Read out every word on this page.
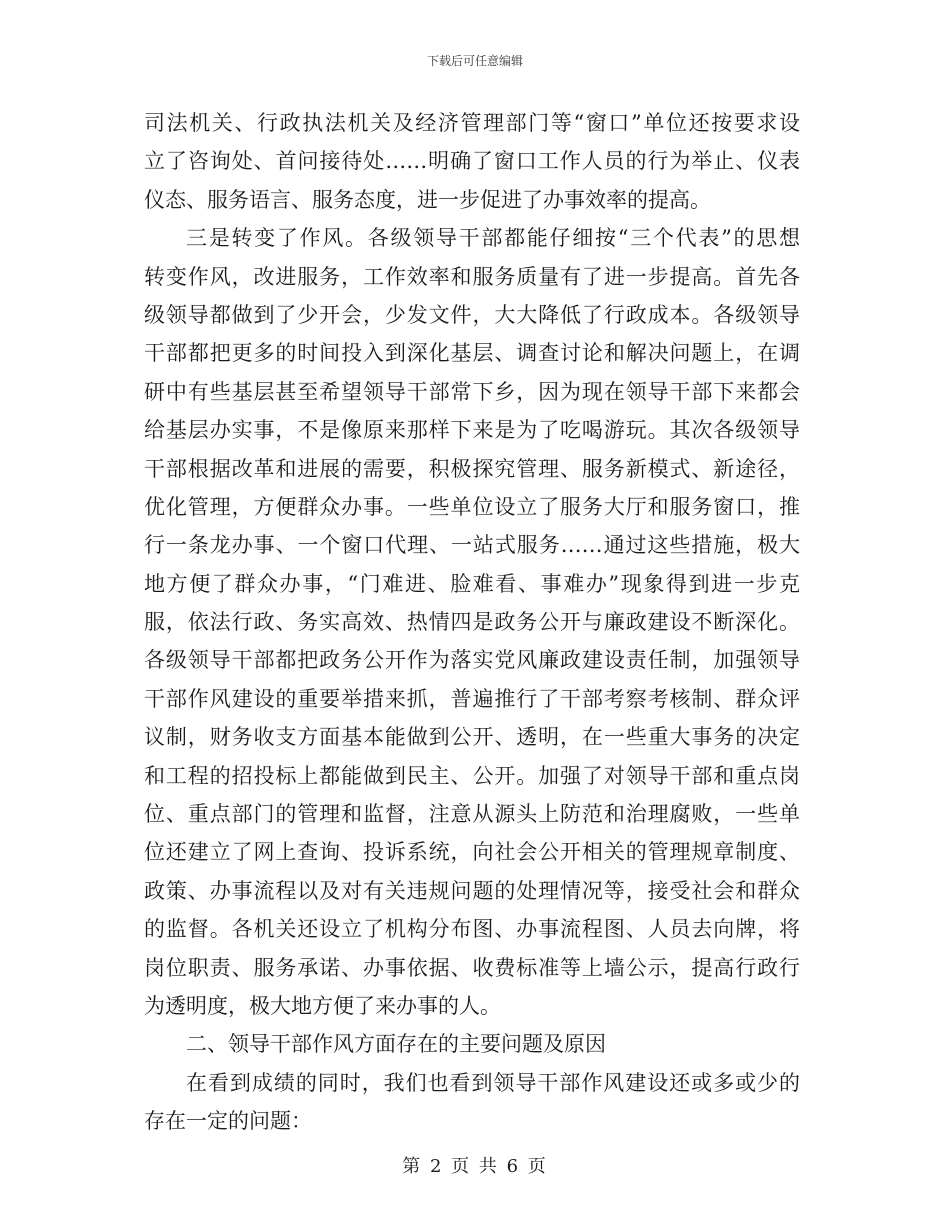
下载后可任意编辑
司法机关、行政执法机关及经济管理部门等“窗口”单位还按要求设
立了咨询处、首问接待处……明确了窗口工作人员的行为举止、仪表
仪态、服务语言、服务态度，进一步促进了办事效率的提高。
三是转变了作风。各级领导干部都能仔细按“三个代表”的思想
转变作风，改进服务，工作效率和服务质量有了进一步提高。首先各
级领导都做到了少开会，少发文件，大大降低了行政成本。各级领导
干部都把更多的时间投入到深化基层、调查讨论和解决问题上，在调
研中有些基层甚至希望领导干部常下乡，因为现在领导干部下来都会
给基层办实事，不是像原来那样下来是为了吃喝游玩。其次各级领导
干部根据改革和进展的需要，积极探究管理、服务新模式、新途径，
优化管理，方便群众办事。一些单位设立了服务大厅和服务窗口，推
行一条龙办事、一个窗口代理、一站式服务……通过这些措施，极大
地方便了群众办事，“门难进、脸难看、事难办”现象得到进一步克
服，依法行政、务实高效、热情四是政务公开与廉政建设不断深化。
各级领导干部都把政务公开作为落实党风廉政建设责任制，加强领导
干部作风建设的重要举措来抓，普遍推行了干部考察考核制、群众评
议制，财务收支方面基本能做到公开、透明，在一些重大事务的决定
和工程的招投标上都能做到民主、公开。加强了对领导干部和重点岗
位、重点部门的管理和监督，注意从源头上防范和治理腐败，一些单
位还建立了网上查询、投诉系统，向社会公开相关的管理规章制度、
政策、办事流程以及对有关违规问题的处理情况等，接受社会和群众
的监督。各机关还设立了机构分布图、办事流程图、人员去向牌，将
岗位职责、服务承诺、办事依据、收费标准等上墙公示，提高行政行
为透明度，极大地方便了来办事的人。
二、领导干部作风方面存在的主要问题及原因
在看到成绩的同时，我们也看到领导干部作风建设还或多或少的
存在一定的问题：
第 2 页 共 6 页
